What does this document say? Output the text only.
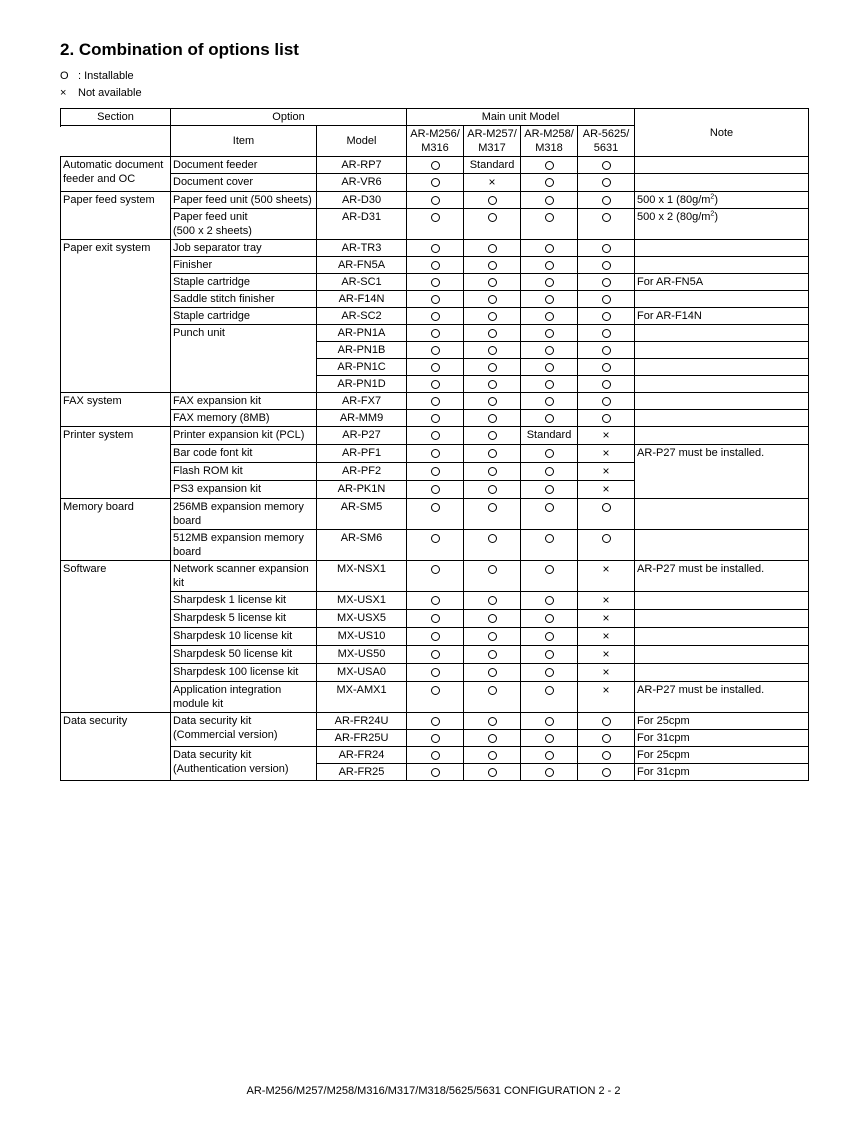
2. Combination of options list
O : Installable
× Not available
Section	Option		Main unit Model				Note
	Item	Model	AR-M256/
M316	AR-M257/
M317	AR-M258/
M318	AR-5625/
5631	

Automatic document feeder and OC	Document feeder	AR-RP7		Standard			
	Document cover	AR-VR6		×			
Paper feed system	Paper feed unit (500 sheets)	AR-D30					500 x 1 $(80g/m^2)$
	Paper feed unit
(500 x 2 sheets)	AR-D31					500 x 2 $(80g/m^2)$
Paper exit system	Job separator tray	AR-TR3					
	Finisher	AR-FN5A					
	Staple cartridge	AR-SC1					For AR-FN5A
	Saddle stitch finisher	AR-F14N					
	Staple cartridge	AR-SC2					For AR-F14N
	Punch unit	AR-PN1A					
		AR-PN1B					
		AR-PN1C					
		AR-PN1D					
FAX system	FAX expansion kit	AR-FX7					
	FAX memory (8MB)	AR-MM9					
Printer system	Printer expansion kit (PCL)	AR-P27			Standard	×	
	Bar code font kit	AR-PF1				×	AR-P27 must be installed.
	Flash ROM kit	AR-PF2				×	
	PS3 expansion kit	AR-PK1N				×	
Memory board	256MB expansion memory board	AR-SM5					
	512MB expansion memory board	AR-SM6					
Software	Network scanner expansion kit	MX-NSX1				×	AR-P27 must be installed.
	Sharpdesk 1 license kit	MX-USX1				×	
	Sharpdesk 5 license kit	MX-USX5				×	
	Sharpdesk 10 license kit	MX-US10				×	
	Sharpdesk 50 license kit	MX-US50				×	
	Sharpdesk 100 license kit	MX-USA0				×	
	Application integration module kit	MX-AMX1				×	AR-P27 must be installed.
Data security	Data security kit
(Commercial version)	AR-FR24U					For 25cpm
		AR-FR25U					For 31cpm
	Data security kit
(Authentication version)	AR-FR24					For 25cpm
		AR-FR25					For 31cpm
AR-M256/M257/M258/M316/M317/M318/5625/5631 CONFIGURATION 2 - 2
